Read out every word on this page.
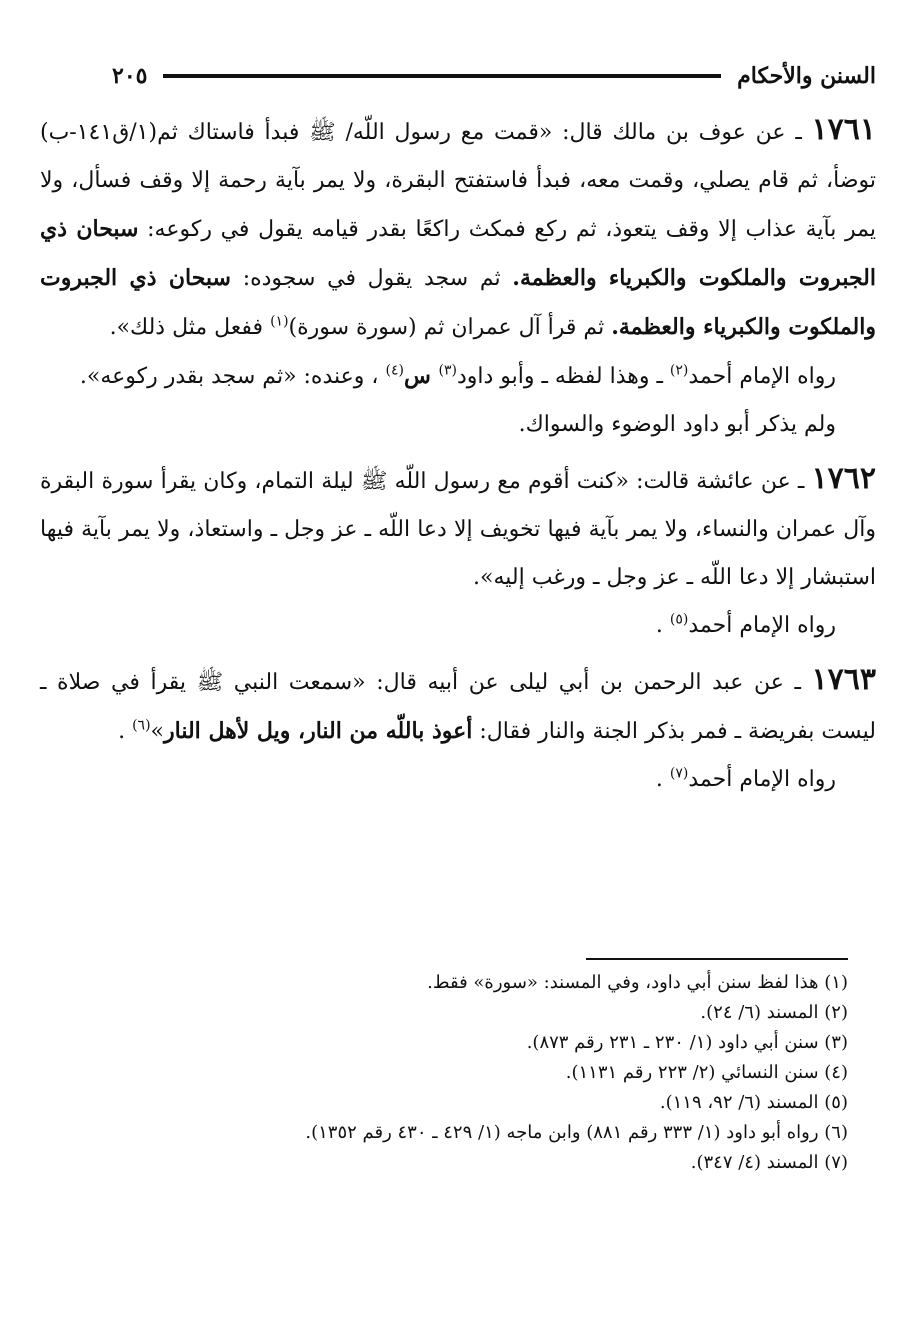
السنن والأحكام
٢٠٥

١٧٦١ ـ عن عوف بن مالك قال: «قمت مع رسول اللّه/ ﷺ فبدأ فاستاك ثم(١/ق١٤١-ب) توضأ، ثم قام يصلي، وقمت معه، فبدأ فاستفتح البقرة، ولا يمر بآية رحمة إلا وقف فسأل، ولا يمر بآية عذاب إلا وقف يتعوذ، ثم ركع فمكث راكعًا بقدر قيامه يقول في ركوعه: سبحان ذي الجبروت والملكوت والكبرياء والعظمة. ثم سجد يقول في سجوده: سبحان ذي الجبروت والملكوت والكبرياء والعظمة. ثم قرأ آل عمران ثم (سورة سورة)$^{(١)}$ ففعل مثل ذلك».

رواه الإمام أحمد$^{(٢)}$ ـ وهذا لفظه ـ وأبو داود$^{(٣)}$ س$^{(٤)}$ ، وعنده: «ثم سجد بقدر ركوعه».

ولم يذكر أبو داود الوضوء والسواك.

١٧٦٢ ـ عن عائشة قالت: «كنت أقوم مع رسول اللّه ﷺ ليلة التمام، وكان يقرأ سورة البقرة وآل عمران والنساء، ولا يمر بآية فيها تخويف إلا دعا اللّه ـ عز وجل ـ واستعاذ، ولا يمر بآية فيها استبشار إلا دعا اللّه ـ عز وجل ـ ورغب إليه».

رواه الإمام أحمد$^{(٥)}$ .

١٧٦٣ ـ عن عبد الرحمن بن أبي ليلى عن أبيه قال: «سمعت النبي ﷺ يقرأ في صلاة ـ ليست بفريضة ـ فمر بذكر الجنة والنار فقال: أعوذ باللّه من النار، ويل لأهل النار»$^{(٦)}$ .

رواه الإمام أحمد$^{(٧)}$ .

(١) هذا لفظ سنن أبي داود، وفي المسند: «سورة» فقط.

(٢) المسند (٦/ ٢٤).

(٣) سنن أبي داود (١/ ٢٣٠ ـ ٢٣١ رقم ٨٧٣).

(٤) سنن النسائي (٢/ ٢٢٣ رقم ١١٣١).

(٥) المسند (٦/ ٩٢، ١١٩).

(٦) رواه أبو داود (١/ ٣٣٣ رقم ٨٨١) وابن ماجه (١/ ٤٢٩ ـ ٤٣٠ رقم ١٣٥٢).

(٧) المسند (٤/ ٣٤٧).
